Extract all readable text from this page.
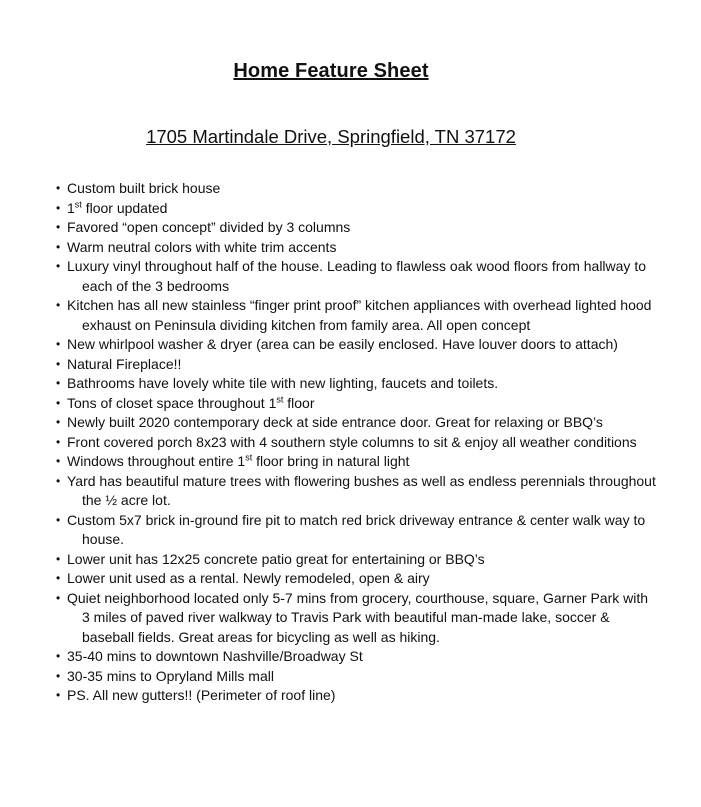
Home Feature Sheet
1705 Martindale Drive, Springfield, TN 37172
• Custom built brick house
• 1st floor updated
• Favored “open concept” divided by 3 columns
• Warm neutral colors with white trim accents
• Luxury vinyl throughout half of the house. Leading to flawless oak wood floors from hallway to each of the 3 bedrooms
• Kitchen has all new stainless “finger print proof” kitchen appliances with overhead lighted hood exhaust on Peninsula dividing kitchen from family area. All open concept
• New whirlpool washer & dryer (area can be easily enclosed. Have louver doors to attach)
• Natural Fireplace!!
• Bathrooms have lovely white tile with new lighting, faucets and toilets.
• Tons of closet space throughout 1st floor
• Newly built 2020 contemporary deck at side entrance door. Great for relaxing or BBQ’s
• Front covered porch 8x23 with 4 southern style columns to sit & enjoy all weather conditions
• Windows throughout entire 1st floor bring in natural light
• Yard has beautiful mature trees with flowering bushes as well as endless perennials throughout the ½ acre lot.
• Custom 5x7 brick in-ground fire pit to match red brick driveway entrance & center walk way to house.
• Lower unit has 12x25 concrete patio great for entertaining or BBQ’s
• Lower unit used as a rental. Newly remodeled, open & airy
• Quiet neighborhood located only 5-7 mins from grocery, courthouse, square, Garner Park with 3 miles of paved river walkway to Travis Park with beautiful man-made lake, soccer & baseball fields. Great areas for bicycling as well as hiking.
• 35-40 mins to downtown Nashville/Broadway St
• 30-35 mins to Opryland Mills mall
• PS. All new gutters!! (Perimeter of roof line)
